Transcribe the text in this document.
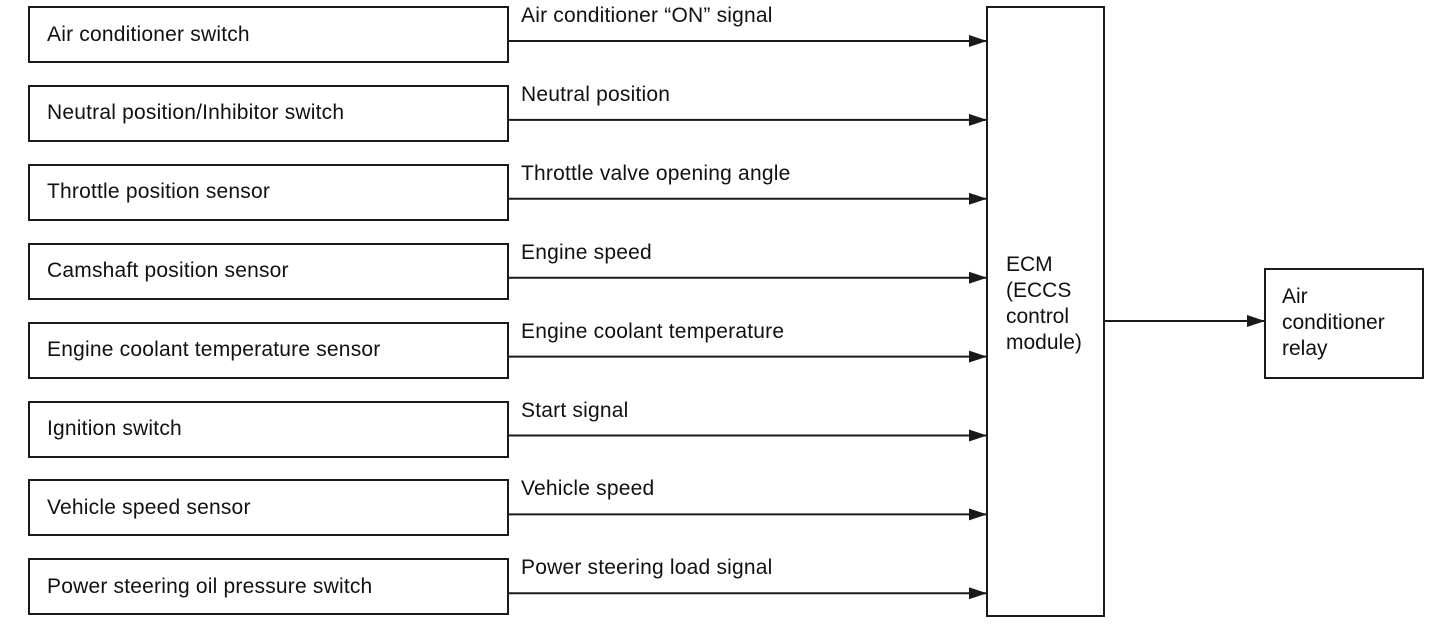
Air conditioner switch
Air conditioner “ON” signal
Neutral position/Inhibitor switch
Neutral position
Throttle position sensor
Throttle valve opening angle
Camshaft position sensor
Engine speed
Engine coolant temperature sensor
Engine coolant temperature
Ignition switch
Start signal
Vehicle speed sensor
Vehicle speed
Power steering oil pressure switch
Power steering load signal
ECM
(ECCS
control
module)
Air
conditioner
relay
